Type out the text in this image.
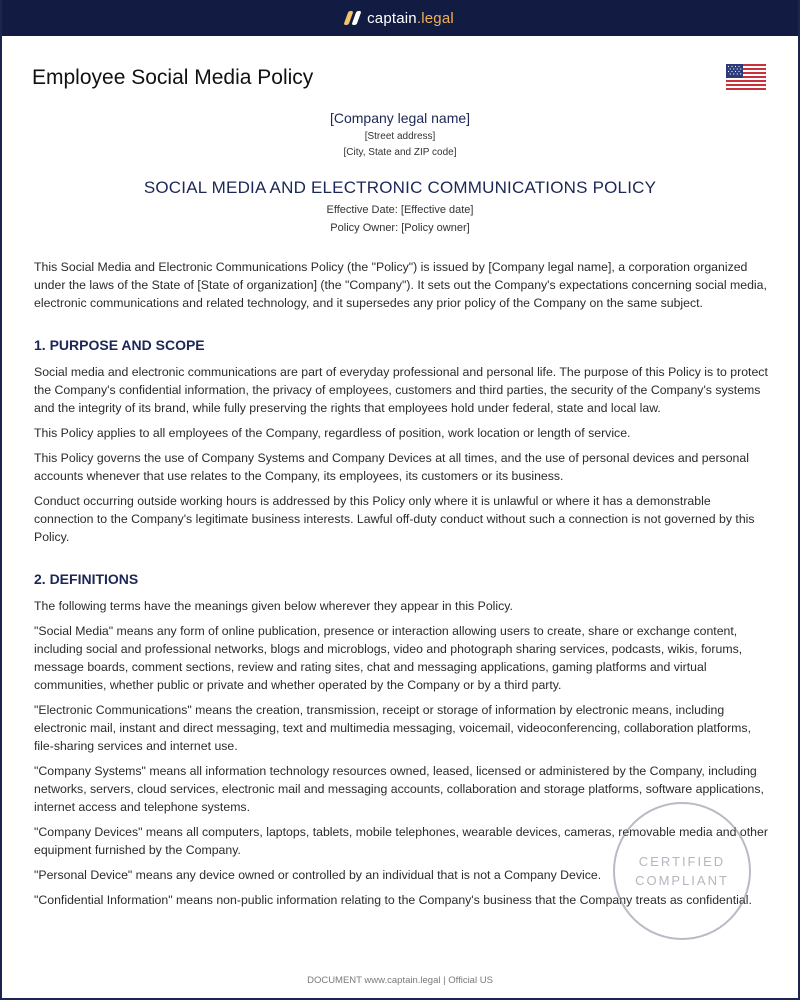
captain.legal
Employee Social Media Policy
[Company legal name]
[Street address]
[City, State and ZIP code]
SOCIAL MEDIA AND ELECTRONIC COMMUNICATIONS POLICY
Effective Date: [Effective date]
Policy Owner: [Policy owner]

This Social Media and Electronic Communications Policy (the "Policy") is issued by [Company legal name], a corporation organized under the laws of the State of [State of organization] (the "Company"). It sets out the Company's expectations concerning social media, electronic communications and related technology, and it supersedes any prior policy of the Company on the same subject.

1. PURPOSE AND SCOPE

Social media and electronic communications are part of everyday professional and personal life. The purpose of this Policy is to protect the Company's confidential information, the privacy of employees, customers and third parties, the security of the Company's systems and the integrity of its brand, while fully preserving the rights that employees hold under federal, state and local law.

This Policy applies to all employees of the Company, regardless of position, work location or length of service.

This Policy governs the use of Company Systems and Company Devices at all times, and the use of personal devices and personal accounts whenever that use relates to the Company, its employees, its customers or its business.

Conduct occurring outside working hours is addressed by this Policy only where it is unlawful or where it has a demonstrable connection to the Company's legitimate business interests. Lawful off-duty conduct without such a connection is not governed by this Policy.

2. DEFINITIONS

The following terms have the meanings given below wherever they appear in this Policy.

"Social Media" means any form of online publication, presence or interaction allowing users to create, share or exchange content, including social and professional networks, blogs and microblogs, video and photograph sharing services, podcasts, wikis, forums, message boards, comment sections, review and rating sites, chat and messaging applications, gaming platforms and virtual communities, whether public or private and whether operated by the Company or by a third party.

"Electronic Communications" means the creation, transmission, receipt or storage of information by electronic means, including electronic mail, instant and direct messaging, text and multimedia messaging, voicemail, videoconferencing, collaboration platforms, file-sharing services and internet use.

"Company Systems" means all information technology resources owned, leased, licensed or administered by the Company, including networks, servers, cloud services, electronic mail and messaging accounts, collaboration and storage platforms, software applications, internet access and telephone systems.

"Company Devices" means all computers, laptops, tablets, mobile telephones, wearable devices, cameras, removable media and other equipment furnished by the Company.

"Personal Device" means any device owned or controlled by an individual that is not a Company Device.

"Confidential Information" means non-public information relating to the Company's business that the Company treats as confidential.

CERTIFIED
COMPLIANT
DOCUMENT www.captain.legal | Official US
